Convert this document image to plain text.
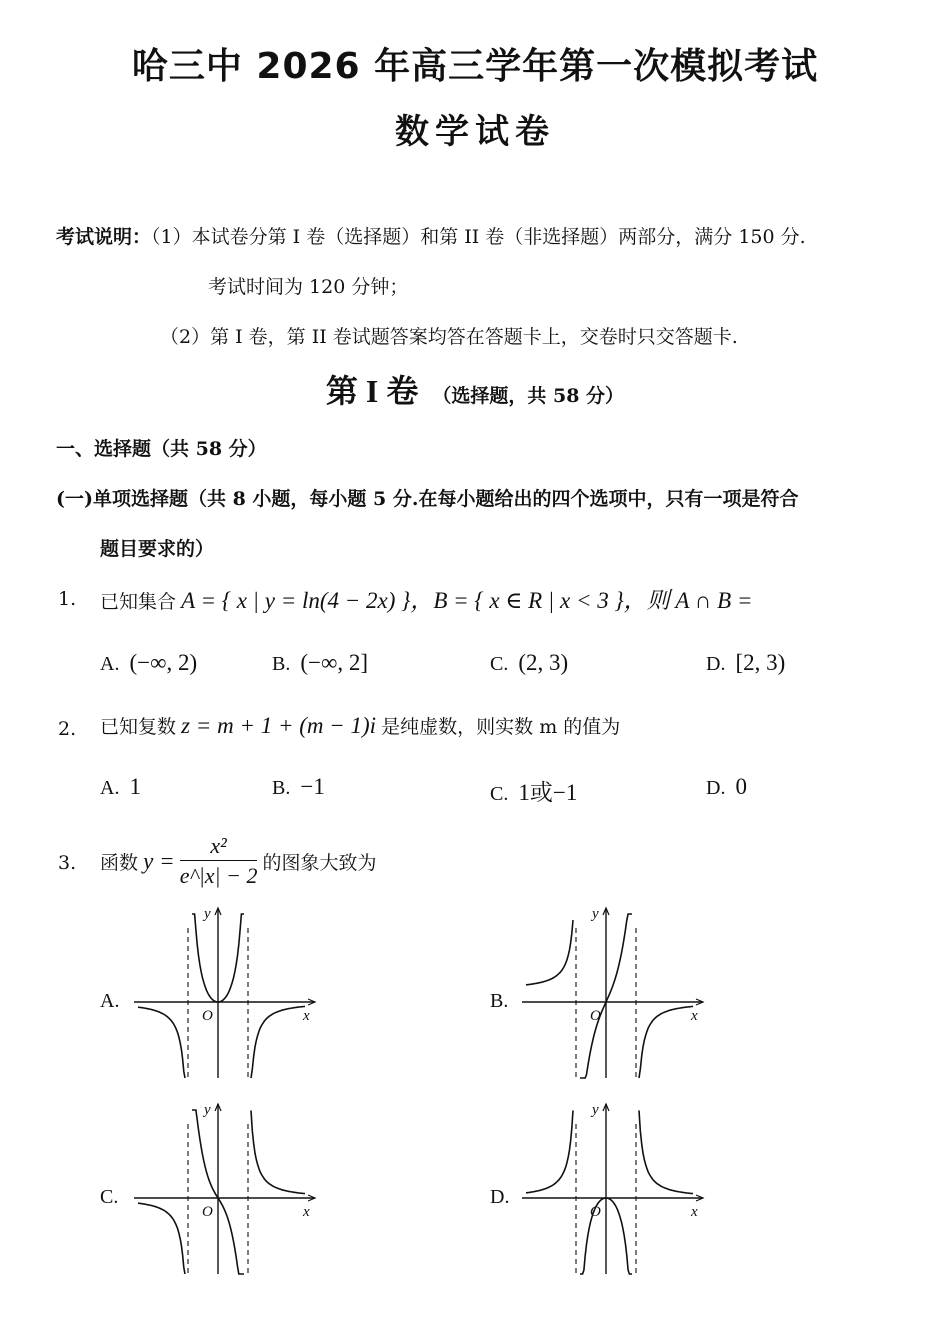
哈三中 2026 年高三学年第一次模拟考试
数学试卷
考试说明：（1）本试卷分第 I 卷（选择题）和第 II 卷（非选择题）两部分，满分 150 分.
考试时间为 120 分钟；
（2）第 I 卷，第 II 卷试题答案均答在答题卡上，交卷时只交答题卡.
第 I 卷 （选择题，共 58 分）
一、选择题（共 58 分）
(一)单项选择题（共 8 小题，每小题 5 分.在每小题给出的四个选项中，只有一项是符合
题目要求的）
1. 已知集合 A = { x | y = ln(4 − 2x) }，B = { x ∈ R | x < 3 }，则 A ∩ B =
A. (−∞, 2)	B. (−∞, 2]	C. (2, 3)	D. [2, 3)
2. 已知复数 z = m + 1 + (m − 1)i 是纯虚数，则实数 m 的值为
A. 1	B. −1	C. 1或−1	D. 0
3. 函数 $y = \frac{\text{x²}}{e\^{}|x| - 2}$ 的图象大致为
A.	B.
C.	D.
y
x
O
y
x
O
y
x
O
y
x
O
